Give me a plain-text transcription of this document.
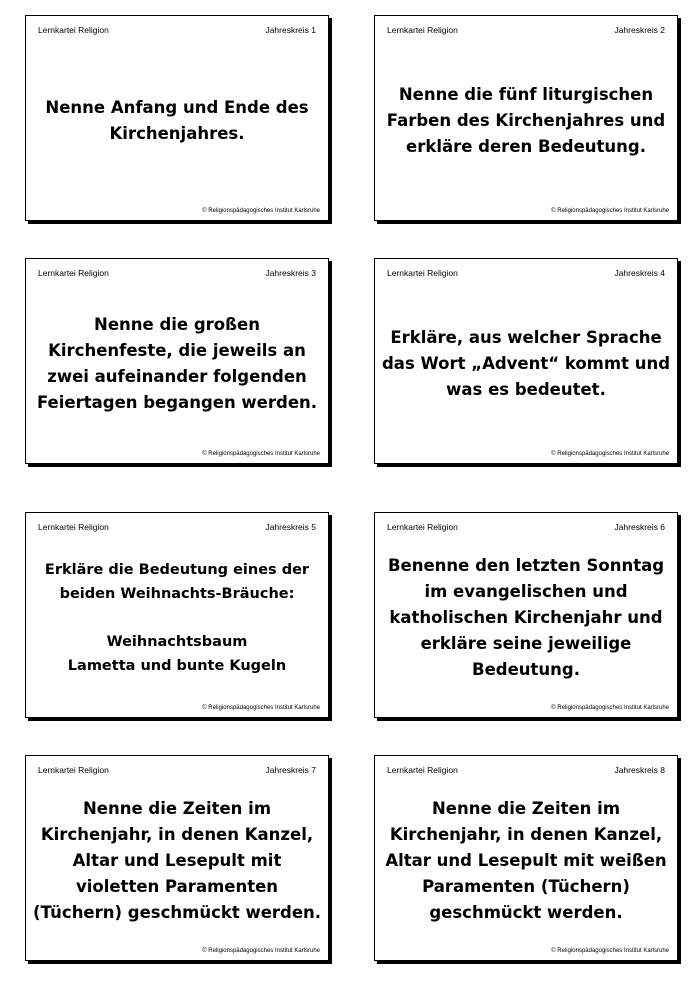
Lernkartei Religion	Jahreskreis 1
Nenne Anfang und Ende des
Kirchenjahres.
© Religionspädagogisches Institut Karlsruhe
Lernkartei Religion	Jahreskreis 2
Nenne die fünf liturgischen
Farben des Kirchenjahres und
erkläre deren Bedeutung.
© Religionspädagogisches Institut Karlsruhe
Lernkartei Religion	Jahreskreis 3
Nenne die großen
Kirchenfeste, die jeweils an
zwei aufeinander folgenden
Feiertagen begangen werden.
© Religionspädagogisches Institut Karlsruhe
Lernkartei Religion	Jahreskreis 4
Erkläre, aus welcher Sprache
das Wort „Advent“ kommt und
was es bedeutet.
© Religionspädagogisches Institut Karlsruhe
Lernkartei Religion	Jahreskreis 5
Erkläre die Bedeutung eines der
beiden Weihnachts-Bräuche:
Weihnachtsbaum
Lametta und bunte Kugeln
© Religionspädagogisches Institut Karlsruhe
Lernkartei Religion	Jahreskreis 6
Benenne den letzten Sonntag
im evangelischen und
katholischen Kirchenjahr und
erkläre seine jeweilige
Bedeutung.
© Religionspädagogisches Institut Karlsruhe
Lernkartei Religion	Jahreskreis 7
Nenne die Zeiten im
Kirchenjahr, in denen Kanzel,
Altar und Lesepult mit
violetten Paramenten
(Tüchern) geschmückt werden.
© Religionspädagogisches Institut Karlsruhe
Lernkartei Religion	Jahreskreis 8
Nenne die Zeiten im
Kirchenjahr, in denen Kanzel,
Altar und Lesepult mit weißen
Paramenten (Tüchern)
geschmückt werden.
© Religionspädagogisches Institut Karlsruhe
